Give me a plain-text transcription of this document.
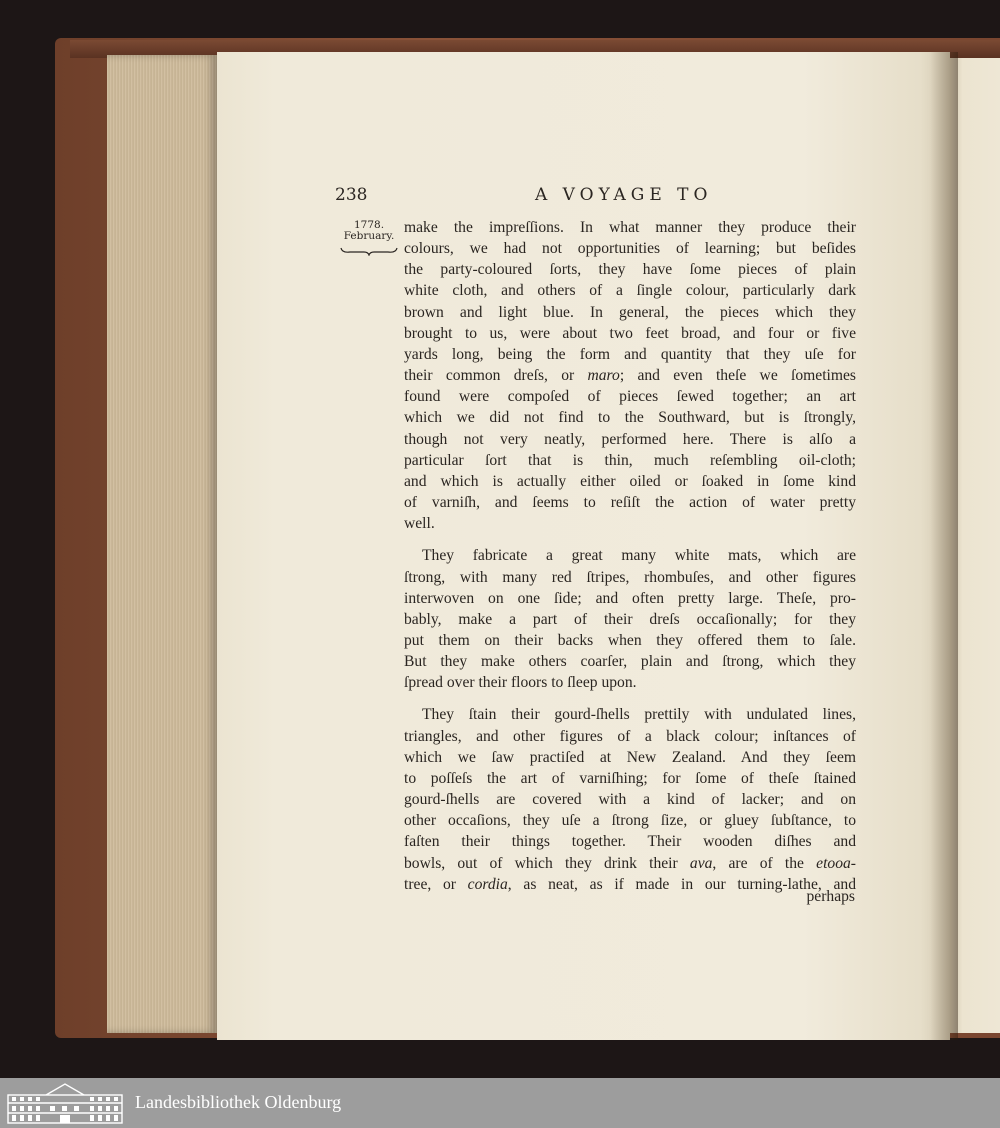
238	A VOYAGE TO
1778.
February. make the impreſſions. In what manner they produce their

colours, we had not opportunities of learning; but beſides

the party-coloured ſorts, they have ſome pieces of plain

white cloth, and others of a ſingle colour, particularly dark

brown and light blue. In general, the pieces which they

brought to us, were about two feet broad, and four or five

yards long, being the form and quantity that they uſe for

their common dreſs, or maro; and even theſe we ſometimes

found were compoſed of pieces ſewed together; an art

which we did not find to the Southward, but is ſtrongly,

though not very neatly, performed here. There is alſo a

particular ſort that is thin, much reſembling oil-cloth;

and which is actually either oiled or ſoaked in ſome kind

of varniſh, and ſeems to reſiſt the action of water pretty

well.

They fabricate a great many white mats, which are

ſtrong, with many red ſtripes, rhombuſes, and other figures

interwoven on one ſide; and often pretty large. Theſe, pro-

bably, make a part of their dreſs occaſionally; for they

put them on their backs when they offered them to ſale.

But they make others coarſer, plain and ſtrong, which they

ſpread over their floors to ſleep upon.

They ſtain their gourd-ſhells prettily with undulated lines,

triangles, and other figures of a black colour; inſtances of

which we ſaw practiſed at New Zealand. And they ſeem

to poſſeſs the art of varniſhing; for ſome of theſe ſtained

gourd-ſhells are covered with a kind of lacker; and on

other occaſions, they uſe a ſtrong ſize, or gluey ſubſtance, to

faſten their things together. Their wooden diſhes and

bowls, out of which they drink their ava, are of the etooa-

tree, or cordia, as neat, as if made in our turning-lathe, and

perhaps
Landesbibliothek Oldenburg
